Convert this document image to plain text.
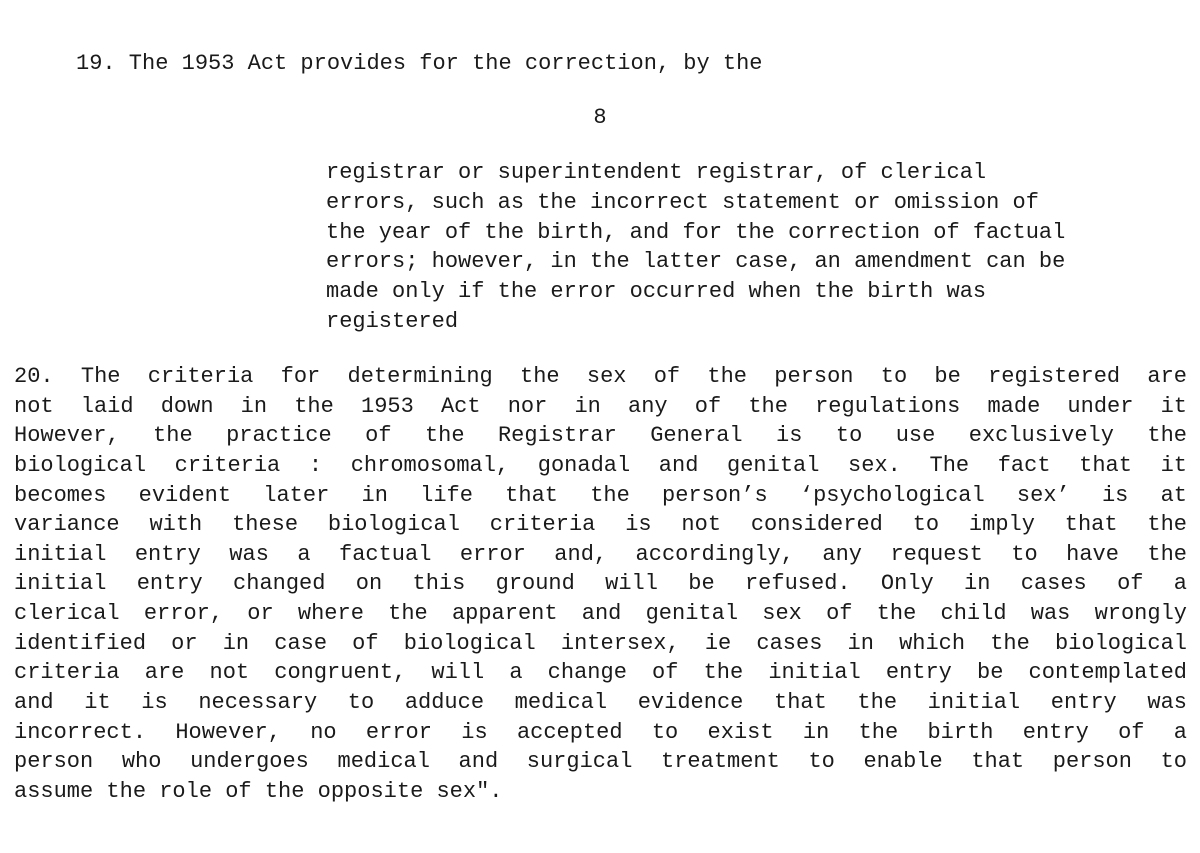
19. The 1953 Act provides for the correction, by the
8
registrar or superintendent registrar, of clerical
errors, such as the incorrect statement or omission of
the year of the birth, and for the correction of factual
errors; however, in the latter case, an amendment can be
made only if the error occurred when the birth was
registered
20. The criteria for determining the sex of the person to be registered are
not laid down in the 1953 Act nor in any of the regulations made under it
However, the practice of the Registrar General is to use exclusively the
biological criteria : chromosomal, gonadal and genital sex. The fact that it
becomes evident later in life that the person’s ‘psychological sex’ is at
variance with these biological criteria is not considered to imply that the
initial entry was a factual error and, accordingly, any request to have the
initial entry changed on this ground will be refused. Only in cases of a
clerical error, or where the apparent and genital sex of the child was wrongly
identified or in case of biological intersex, ie cases in which the biological
criteria are not congruent, will a change of the initial entry be contemplated
and it is necessary to adduce medical evidence that the initial entry was
incorrect. However, no error is accepted to exist in the birth entry of a
person who undergoes medical and surgical treatment to enable that person to
assume the role of the opposite sex".
